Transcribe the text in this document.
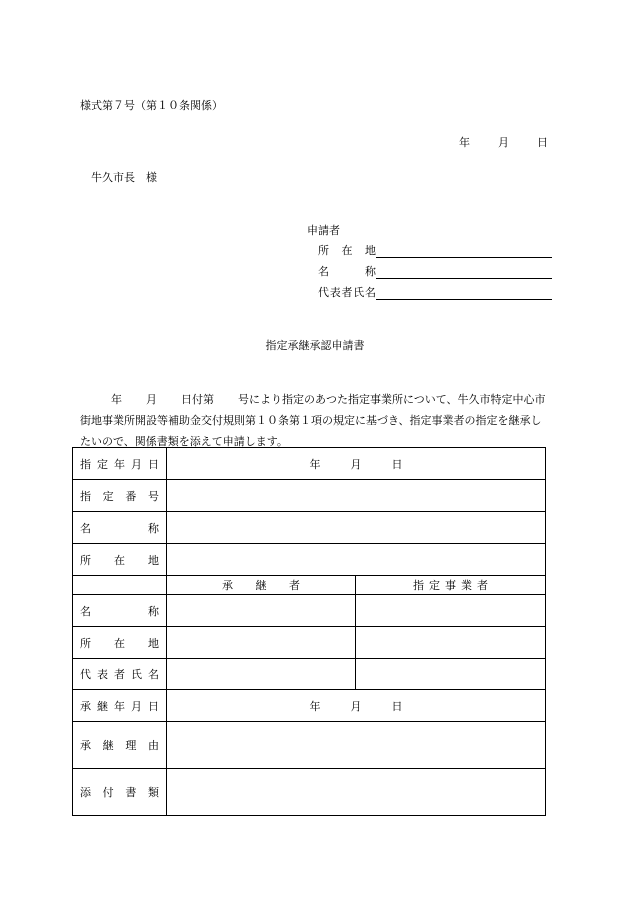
様式第７号（第１０条関係）
年	月	日
牛久市長　様
申請者
所 在 地
名	称
代 表 者 氏 名
指定承継承認申請書
年 月 日付第 号により指定のあつた指定事業所について、牛久市特定中心市街地事業所開設等補助金交付規則第１０条第１項の規定に基づき、指定事業者の指定を継承したいので、関係書類を添えて申請します。
指 定 年 月 日	年 月 日	

指 定 番 号		

名 称		

所 在 地		

	承 継 者	指 定 事 業 者

名 称		

所 在 地		

代 表 者 氏 名		

承 継 年 月 日	年 月 日	

承 継 理 由		

添 付 書 類		
